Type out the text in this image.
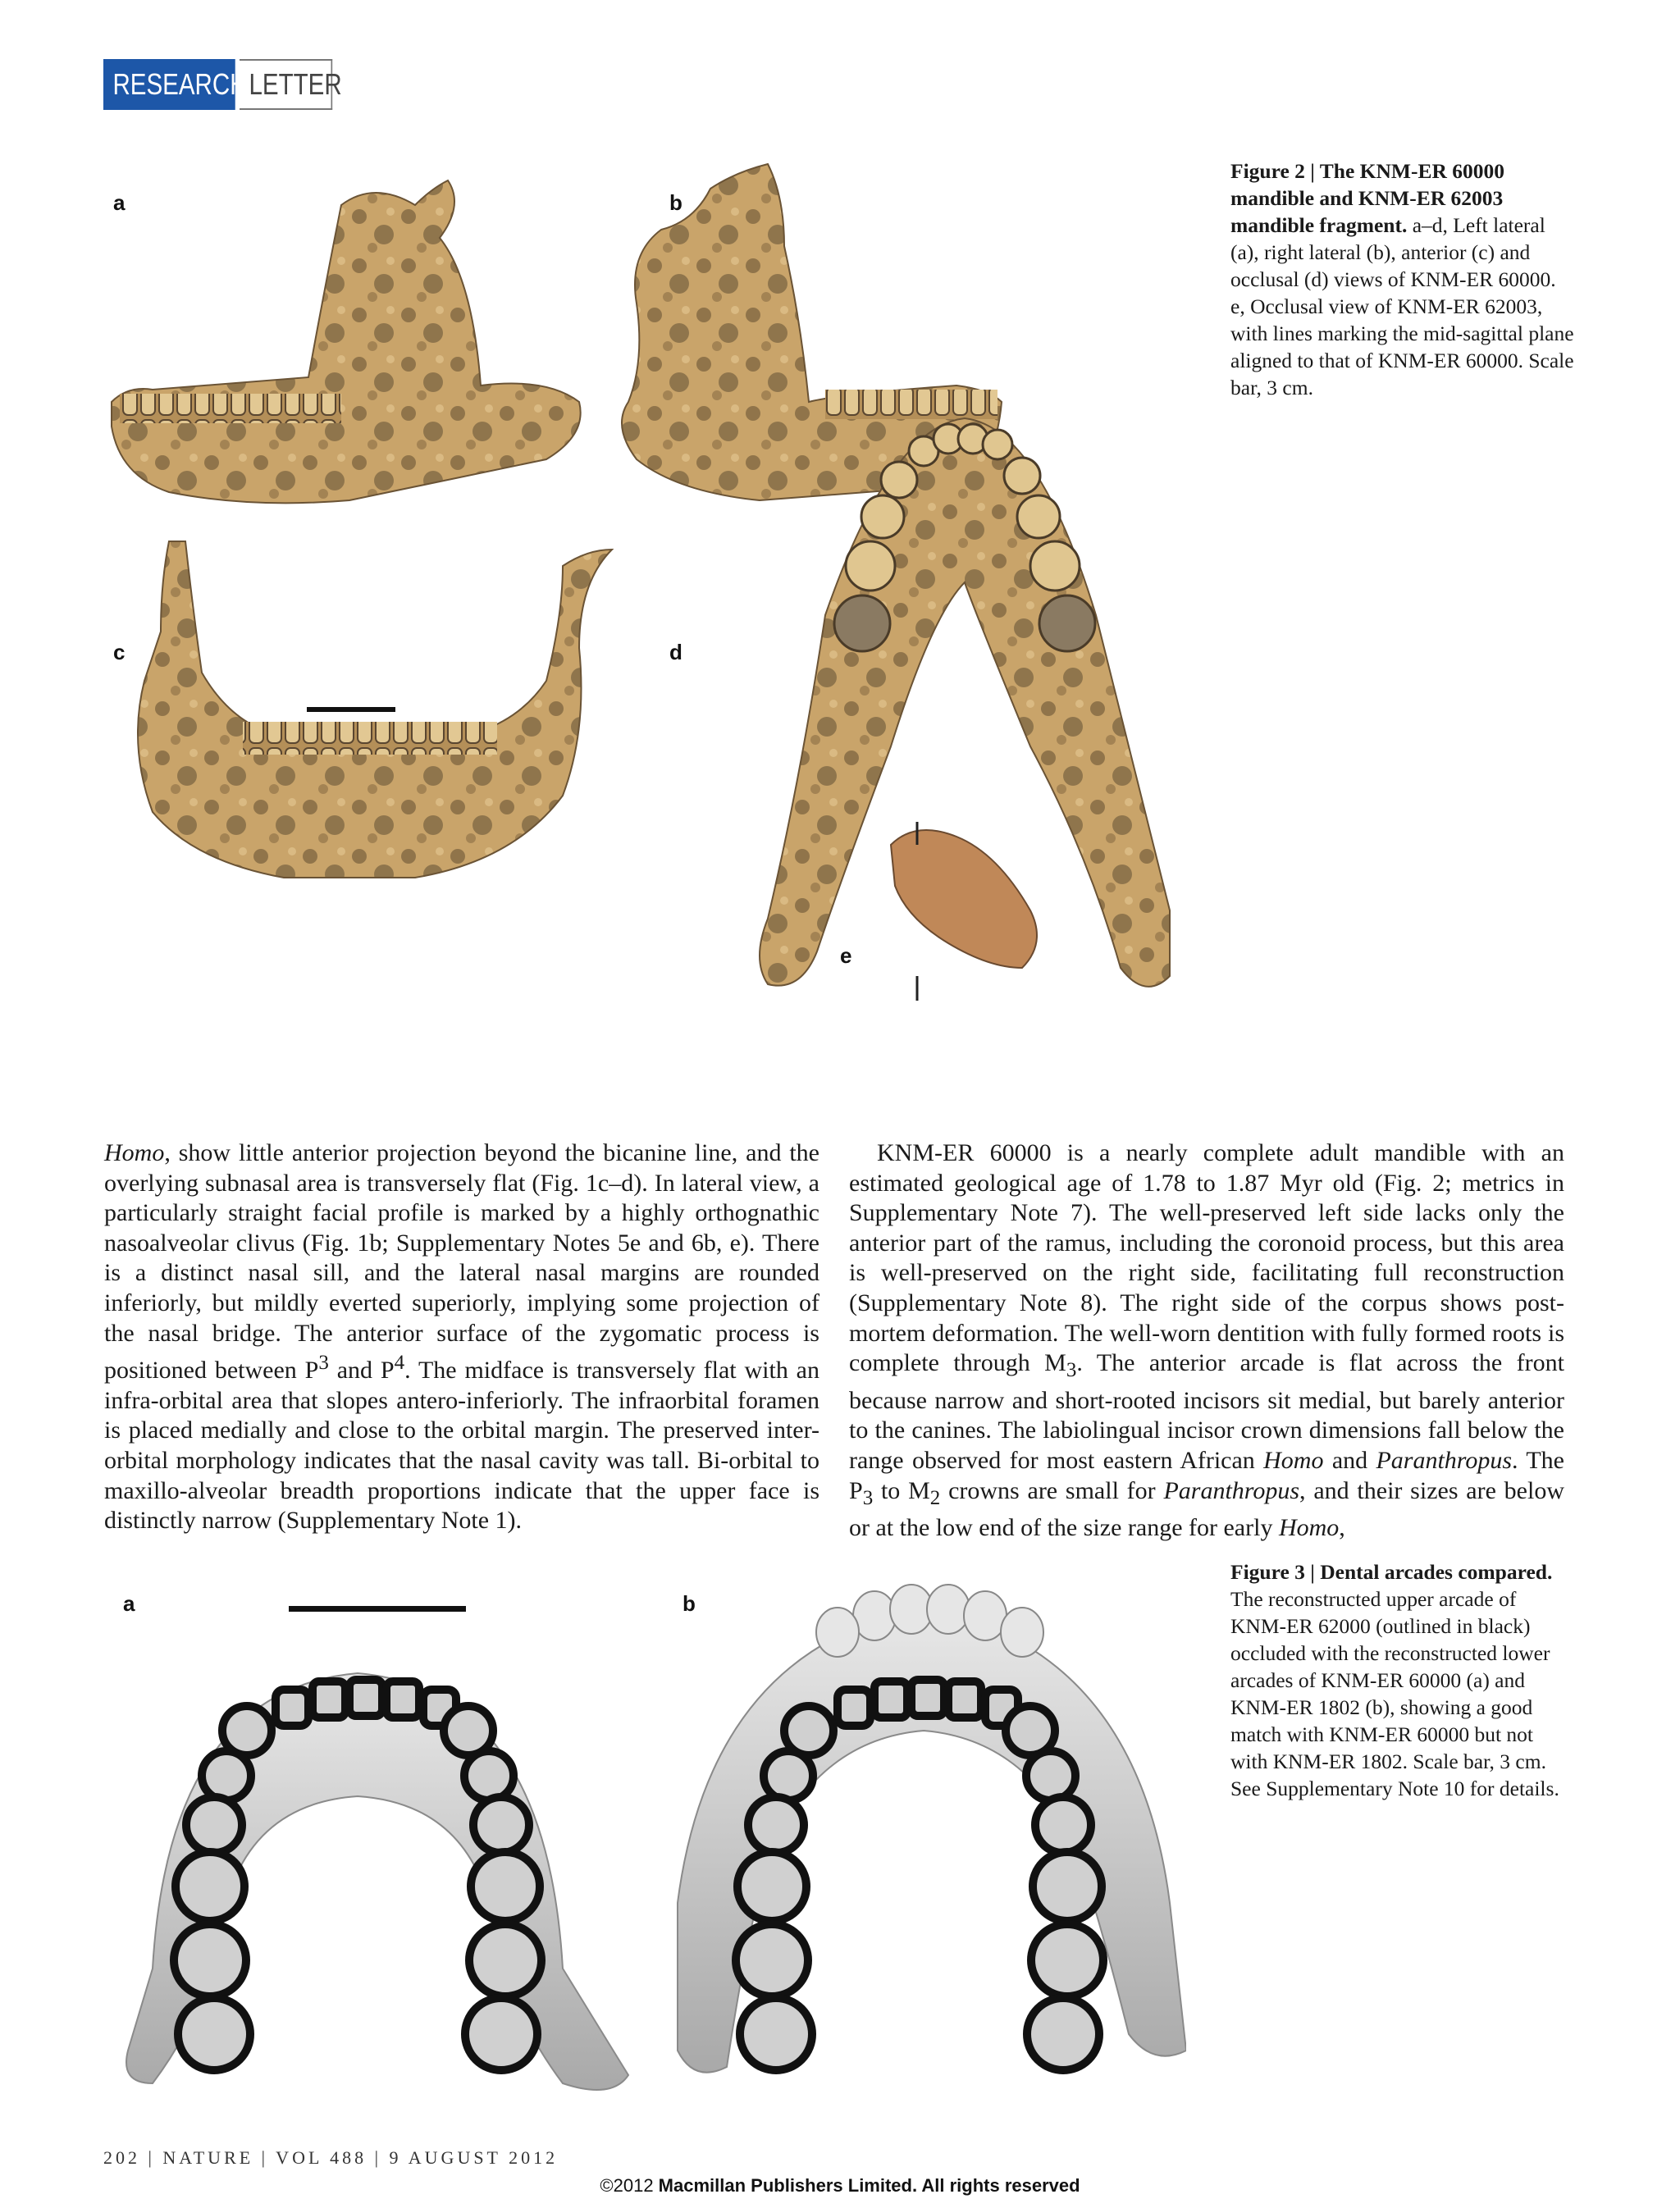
RESEARCH LETTER
a	b
c	d
e
Figure 2 | The KNM-ER 60000 mandible and KNM-ER 62003 mandible fragment. a–d, Left lateral (a), right lateral (b), anterior (c) and occlusal (d) views of KNM-ER 60000. e, Occlusal view of KNM-ER 62003, with lines marking the mid-sagittal plane aligned to that of KNM-ER 60000. Scale bar, 3 cm.

Homo, show little anterior projection beyond the bicanine line, and the overlying subnasal area is transversely flat (Fig. 1c–d). In lateral view, a particularly straight facial profile is marked by a highly orthognathic nasoalveolar clivus (Fig. 1b; Supplementary Notes 5e and 6b, e). There is a distinct nasal sill, and the lateral nasal margins are rounded inferiorly, but mildly everted superiorly, implying some projection of the nasal bridge. The anterior surface of the zygomatic process is positioned between $P^3$ and $P^4$. The midface is transversely flat with an infra-orbital area that slopes antero-inferiorly. The infraorbital foramen is placed medially and close to the orbital margin. The preserved inter-orbital morphology indicates that the nasal cavity was tall. Bi-orbital to maxillo-alveolar breadth proportions indicate that the upper face is distinctly narrow (Supplementary Note 1).

KNM-ER 60000 is a nearly complete adult mandible with an estimated geological age of 1.78 to 1.87 Myr old (Fig. 2; metrics in Supplementary Note 7). The well-preserved left side lacks only the anterior part of the ramus, including the coronoid process, but this area is well-preserved on the right side, facilitating full reconstruction (Supplementary Note 8). The right side of the corpus shows post-mortem deformation. The well-worn dentition with fully formed roots is complete through $M_3$. The anterior arcade is flat across the front because narrow and short-rooted incisors sit medial, but barely anterior to the canines. The labiolingual incisor crown dimensions fall below the range observed for most eastern African Homo and Paranthropus. The $P_3$ to $M_2$ crowns are small for Paranthropus, and their sizes are below or at the low end of the size range for early Homo,

a	b
Figure 3 | Dental arcades compared. The reconstructed upper arcade of KNM-ER 62000 (outlined in black) occluded with the reconstructed lower arcades of KNM-ER 60000 (a) and KNM-ER 1802 (b), showing a good match with KNM-ER 60000 but not with KNM-ER 1802. Scale bar, 3 cm. See Supplementary Note 10 for details.
202 | NATURE | VOL 488 | 9 AUGUST 2012
©2012 Macmillan Publishers Limited. All rights reserved
